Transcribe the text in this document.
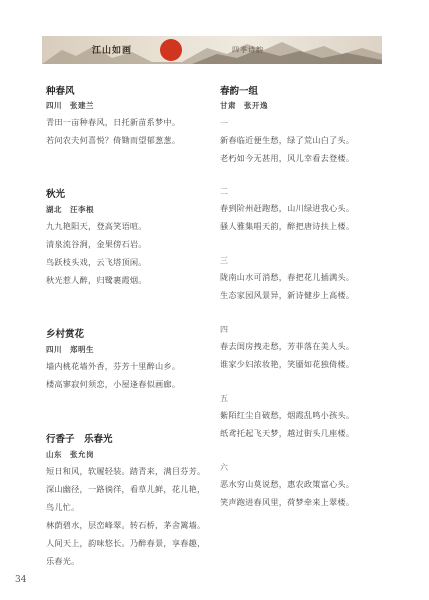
江山如画	四季诗韵
种春风
四川　张建兰
青田一亩种春风，日托新苗系梦中。
若问农夫何喜悦？倚锄而望郁葱葱。
秋光
湖北　汪李根
九九艳阳天，登高笑语喧。
清泉流谷涧，金果傍石岩。
鸟跃枝头戏，云飞塔顶闲。
秋光惹人醉，归鹭裹霞烟。
乡村赏花
四川　郑明生
墙内桃花墙外香，芬芳十里醉山乡。
楼高寥寂何须恋，小屋逢春似画廊。
行香子　乐春光
山东　张允岗
短日和风，软履轻装。踏青来，满目芬芳。
深山幽径，一路徜徉，看草儿鲜，花儿艳，
鸟儿忙。
林荫碧水，层峦峰翠。转石桥，茅舍篱墙。
人间天上，韵味悠长。乃醉春景，享春趣，
乐春光。
春韵一组
甘肃　张开逸
一
新春临近便生愁，绿了荒山白了头。
老朽如今无甚用，风儿幸看去登楼。
二
春到阶州赶跑愁，山川绿进我心头。
骚人雅集唱天韵，醉把唐诗扶上楼。
三
陇南山水可消愁，春把花儿插满头。
生态家园风景异，新诗健步上高楼。
四
春去闺房拽走愁，芳菲落在美人头。
谁家少妇浓妆艳，笑靥如花独倚楼。
五
紫陌红尘自破愁，烟霞乱鸣小孩头。
纸鸢托起飞天梦，越过街头几座楼。
六
恶水穷山莫说愁，惠农政策富心头。
笑声跑进春风里，荷梦牵来上翠楼。
34
